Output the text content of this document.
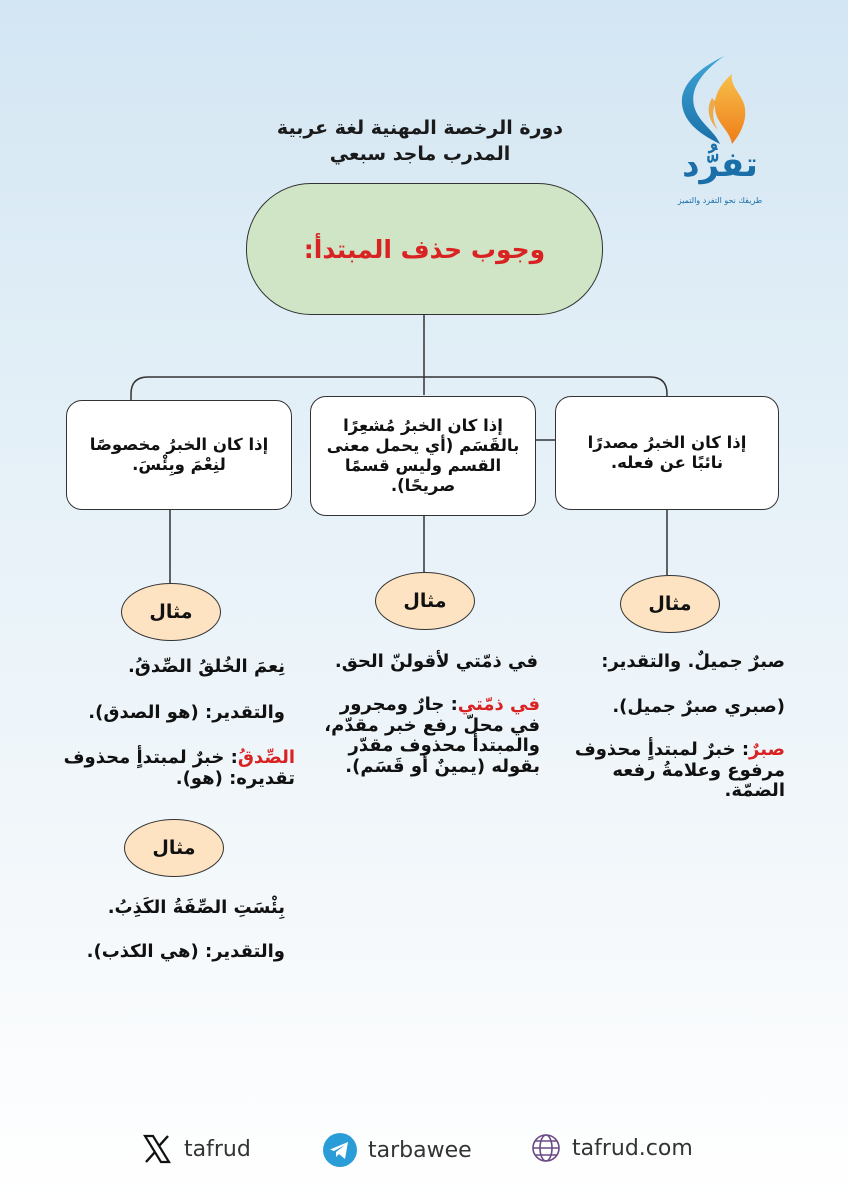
دورة الرخصة المهنية لغة عربية
المدرب ماجد سبعي	تفرُّد
طريقك نحو التفرد والتميز
وجوب حذف المبتدأ:
إذا كان الخبرُ مصدرًا نائبًا عن فعله.
إذا كان الخبرُ مُشعِرًا بالقَسَم (أي يحمل معنى القسم وليس قسمًا صريحًا).
إذا كان الخبرُ مخصوصًا لنِعْمَ وبِئْسَ.
مثال
مثال
مثال
مثال
صبرٌ جميلٌ. والتقدير:
(صبري صبرٌ جميل).
صبرٌ: خبرٌ لمبتدأٍ محذوف مرفوع وعلامةُ رفعه الضمّة.
في ذمّتي لأقولنّ الحق.
في ذمّتي: جارٌ ومجرور في محلّ رفع خبر مقدّم، والمبتدأ محذوف مقدّر بقوله (يمينٌ أو قَسَم).
نِعمَ الخُلقُ الصِّدقُ.
والتقدير: (هو الصدق).
الصِّدقُ: خبرٌ لمبتدأٍ محذوف تقديره: (هو).
بِئْسَتِ الصِّفَةُ الكَذِبُ.
والتقدير: (هي الكذب).
tafrud	tarbawee	tafrud.com
